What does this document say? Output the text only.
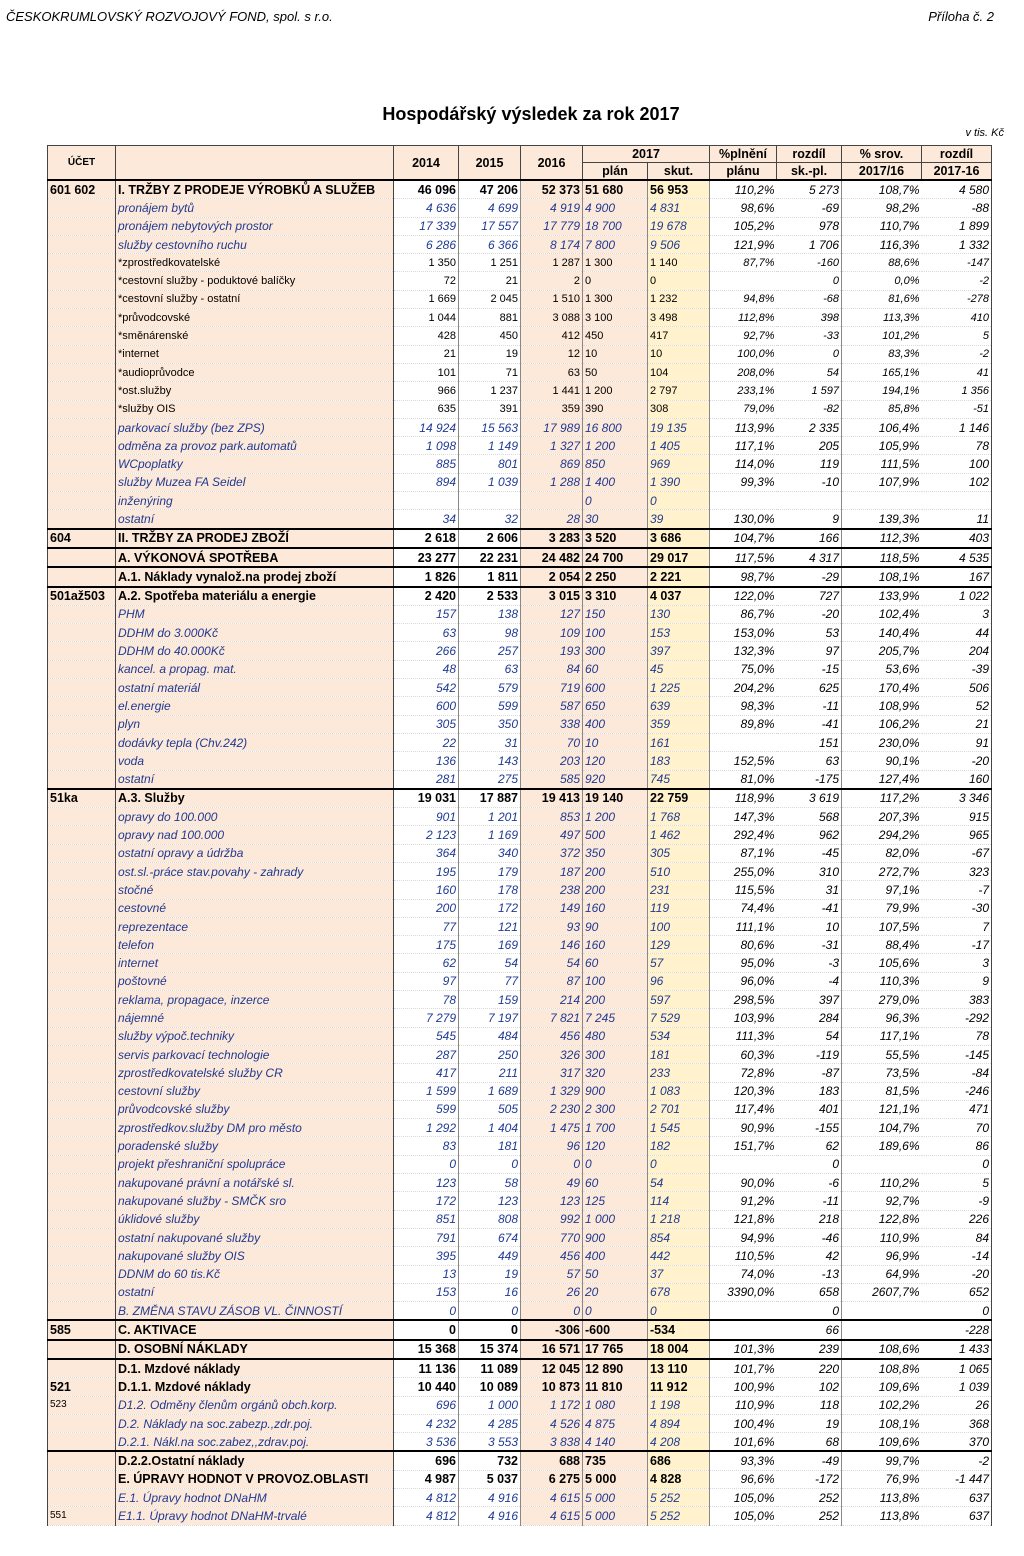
ČESKOKRUMLOVSKÝ ROZVOJOVÝ FOND, spol. s r.o.	Příloha č. 2
Hospodářský výsledek za rok 2017
v tis. Kč
ÚČET		2014	2015	2016	2017		%plnění	rozdíl	% srov.	rozdíl
					plán	skut.	plánu	sk.-pl.	2017/16	2017-16
601 602	I. TRŽBY Z PRODEJE VÝROBKŮ A SLUŽEB	46 096	47 206	52 373	51 680	56 953	110,2%	5 273	108,7%	4 580
	pronájem bytů	4 636	4 699	4 919	4 900	4 831	98,6%	-69	98,2%	-88
	pronájem nebytových prostor	17 339	17 557	17 779	18 700	19 678	105,2%	978	110,7%	1 899
	služby cestovního ruchu	6 286	6 366	8 174	7 800	9 506	121,9%	1 706	116,3%	1 332
	*zprostředkovatelské	1 350	1 251	1 287	1 300	1 140	87,7%	-160	88,6%	-147
	*cestovní služby - poduktové balíčky	72	21	2	0	0		0	0,0%	-2
	*cestovní služby - ostatní	1 669	2 045	1 510	1 300	1 232	94,8%	-68	81,6%	-278
	*průvodcovské	1 044	881	3 088	3 100	3 498	112,8%	398	113,3%	410
	*směnárenské	428	450	412	450	417	92,7%	-33	101,2%	5
	*internet	21	19	12	10	10	100,0%	0	83,3%	-2
	*audioprůvodce	101	71	63	50	104	208,0%	54	165,1%	41
	*ost.služby	966	1 237	1 441	1 200	2 797	233,1%	1 597	194,1%	1 356
	*služby OIS	635	391	359	390	308	79,0%	-82	85,8%	-51
	parkovací služby (bez ZPS)	14 924	15 563	17 989	16 800	19 135	113,9%	2 335	106,4%	1 146
	odměna za provoz park.automatů	1 098	1 149	1 327	1 200	1 405	117,1%	205	105,9%	78
	WCpoplatky	885	801	869	850	969	114,0%	119	111,5%	100
	služby Muzea FA Seidel	894	1 039	1 288	1 400	1 390	99,3%	-10	107,9%	102
	inženýring				0	0				
	ostatní	34	32	28	30	39	130,0%	9	139,3%	11
604	II. TRŽBY ZA PRODEJ ZBOŽÍ	2 618	2 606	3 283	3 520	3 686	104,7%	166	112,3%	403
	A. VÝKONOVÁ SPOTŘEBA	23 277	22 231	24 482	24 700	29 017	117,5%	4 317	118,5%	4 535
	A.1. Náklady vynalož.na prodej zboží	1 826	1 811	2 054	2 250	2 221	98,7%	-29	108,1%	167
501až503	A.2. Spotřeba materiálu a energie	2 420	2 533	3 015	3 310	4 037	122,0%	727	133,9%	1 022
	PHM	157	138	127	150	130	86,7%	-20	102,4%	3
	DDHM do 3.000Kč	63	98	109	100	153	153,0%	53	140,4%	44
	DDHM do 40.000Kč	266	257	193	300	397	132,3%	97	205,7%	204
	kancel. a propag. mat.	48	63	84	60	45	75,0%	-15	53,6%	-39
	ostatní materiál	542	579	719	600	1 225	204,2%	625	170,4%	506
	el.energie	600	599	587	650	639	98,3%	-11	108,9%	52
	plyn	305	350	338	400	359	89,8%	-41	106,2%	21
	dodávky tepla (Chv.242)	22	31	70	10	161		151	230,0%	91
	voda	136	143	203	120	183	152,5%	63	90,1%	-20
	ostatní	281	275	585	920	745	81,0%	-175	127,4%	160
51ka	A.3. Služby	19 031	17 887	19 413	19 140	22 759	118,9%	3 619	117,2%	3 346
	opravy do 100.000	901	1 201	853	1 200	1 768	147,3%	568	207,3%	915
	opravy nad 100.000	2 123	1 169	497	500	1 462	292,4%	962	294,2%	965
	ostatní opravy a údržba	364	340	372	350	305	87,1%	-45	82,0%	-67
	ost.sl.-práce stav.povahy - zahrady	195	179	187	200	510	255,0%	310	272,7%	323
	stočné	160	178	238	200	231	115,5%	31	97,1%	-7
	cestovné	200	172	149	160	119	74,4%	-41	79,9%	-30
	reprezentace	77	121	93	90	100	111,1%	10	107,5%	7
	telefon	175	169	146	160	129	80,6%	-31	88,4%	-17
	internet	62	54	54	60	57	95,0%	-3	105,6%	3
	poštovné	97	77	87	100	96	96,0%	-4	110,3%	9
	reklama, propagace, inzerce	78	159	214	200	597	298,5%	397	279,0%	383
	nájemné	7 279	7 197	7 821	7 245	7 529	103,9%	284	96,3%	-292
	služby výpoč.techniky	545	484	456	480	534	111,3%	54	117,1%	78
	servis parkovací technologie	287	250	326	300	181	60,3%	-119	55,5%	-145
	zprostředkovatelské služby CR	417	211	317	320	233	72,8%	-87	73,5%	-84
	cestovní služby	1 599	1 689	1 329	900	1 083	120,3%	183	81,5%	-246
	průvodcovské služby	599	505	2 230	2 300	2 701	117,4%	401	121,1%	471
	zprostředkov.služby DM pro město	1 292	1 404	1 475	1 700	1 545	90,9%	-155	104,7%	70
	poradenské služby	83	181	96	120	182	151,7%	62	189,6%	86
	projekt přeshraniční spolupráce	0	0	0	0	0		0		0
	nakupované právní a notářské sl.	123	58	49	60	54	90,0%	-6	110,2%	5
	nakupované služby - SMČK sro	172	123	123	125	114	91,2%	-11	92,7%	-9
	úklidové služby	851	808	992	1 000	1 218	121,8%	218	122,8%	226
	ostatní nakupované služby	791	674	770	900	854	94,9%	-46	110,9%	84
	nakupované služby OIS	395	449	456	400	442	110,5%	42	96,9%	-14
	DDNM do 60 tis.Kč	13	19	57	50	37	74,0%	-13	64,9%	-20
	ostatní	153	16	26	20	678	3390,0%	658	2607,7%	652
	B. ZMĚNA STAVU ZÁSOB VL. ČINNOSTÍ	0	0	0	0	0		0		0
585	C. AKTIVACE	0	0	-306	-600	-534		66		-228
	D. OSOBNÍ NÁKLADY	15 368	15 374	16 571	17 765	18 004	101,3%	239	108,6%	1 433
	D.1. Mzdové náklady	11 136	11 089	12 045	12 890	13 110	101,7%	220	108,8%	1 065
521	D.1.1. Mzdové náklady	10 440	10 089	10 873	11 810	11 912	100,9%	102	109,6%	1 039
523	D1.2. Odměny členům orgánů obch.korp.	696	1 000	1 172	1 080	1 198	110,9%	118	102,2%	26
	D.2. Náklady na soc.zabezp.,zdr.poj.	4 232	4 285	4 526	4 875	4 894	100,4%	19	108,1%	368
	D.2.1. Nákl.na soc.zabez,,zdrav.poj.	3 536	3 553	3 838	4 140	4 208	101,6%	68	109,6%	370
	D.2.2.Ostatní náklady	696	732	688	735	686	93,3%	-49	99,7%	-2
	E. ÚPRAVY HODNOT V PROVOZ.OBLASTI	4 987	5 037	6 275	5 000	4 828	96,6%	-172	76,9%	-1 447
	E.1. Úpravy hodnot DNaHM	4 812	4 916	4 615	5 000	5 252	105,0%	252	113,8%	637
551	E1.1. Úpravy hodnot DNaHM-trvalé	4 812	4 916	4 615	5 000	5 252	105,0%	252	113,8%	637
